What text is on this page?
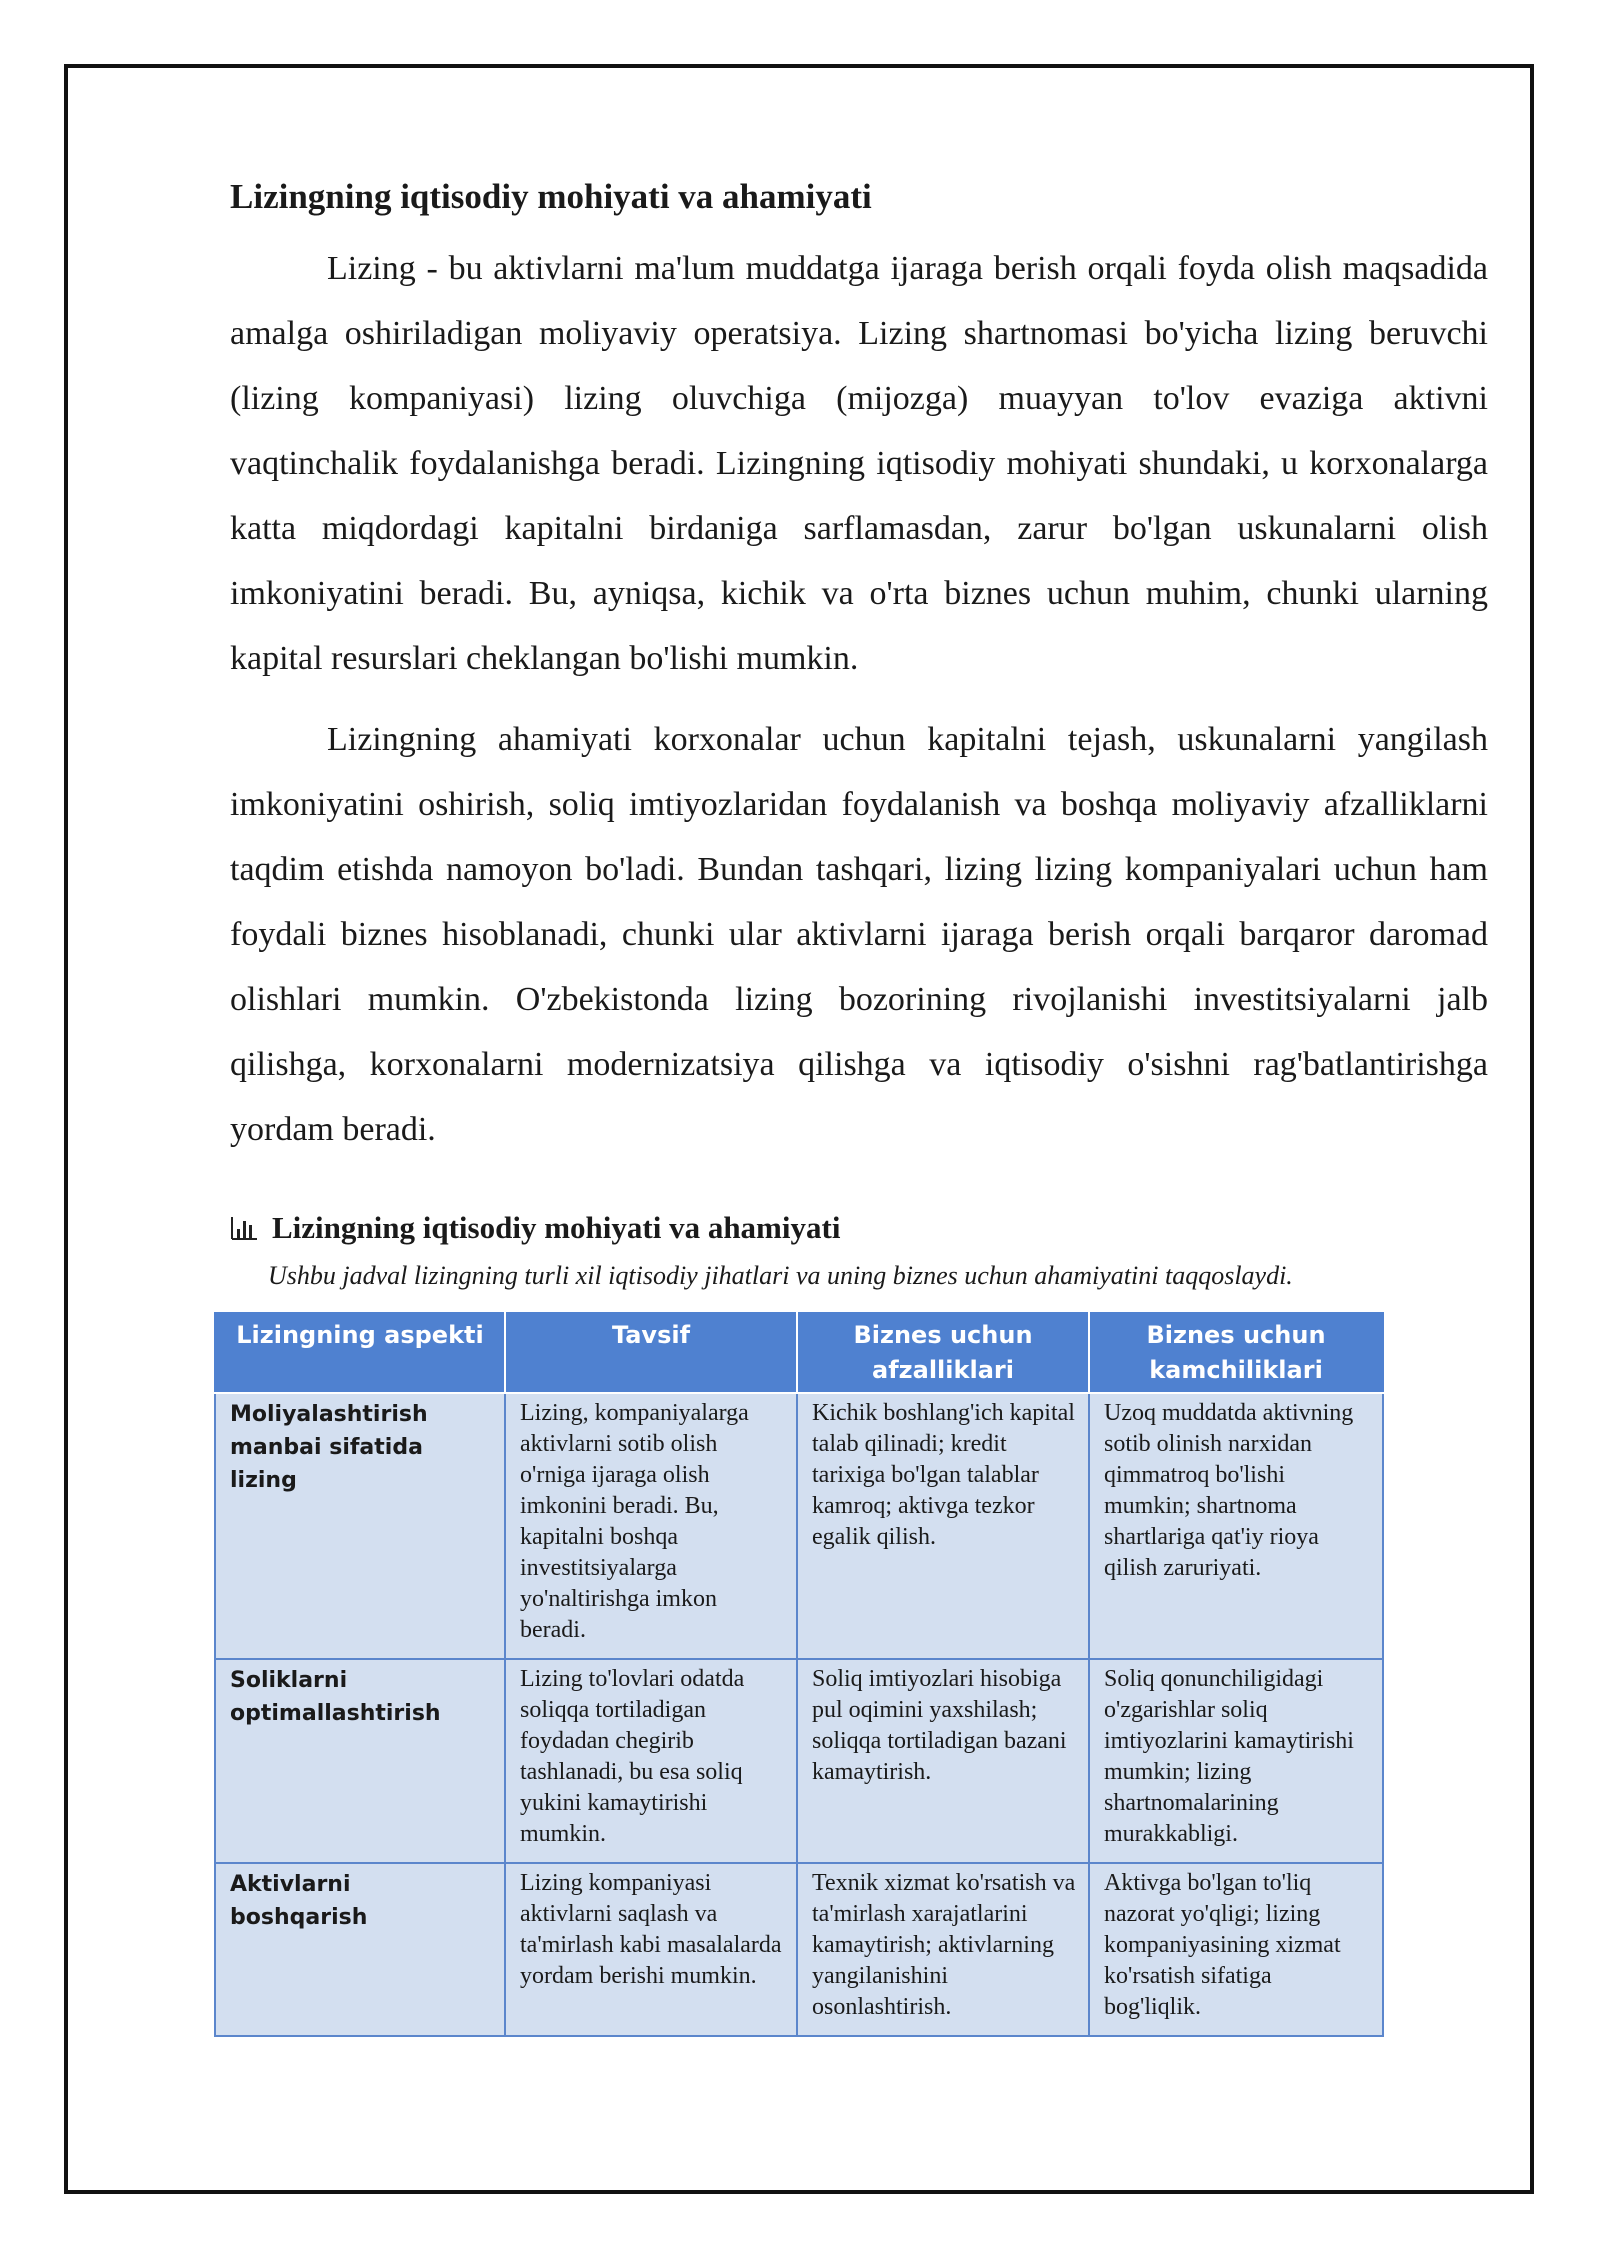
Lizingning iqtisodiy mohiyati va ahamiyati

Lizing - bu aktivlarni ma'lum muddatga ijaraga berish orqali foyda olish maqsadida amalga oshiriladigan moliyaviy operatsiya. Lizing shartnomasi bo'yicha lizing beruvchi (lizing kompaniyasi) lizing oluvchiga (mijozga) muayyan to'lov evaziga aktivni vaqtinchalik foydalanishga beradi. Lizingning iqtisodiy mohiyati shundaki, u korxonalarga katta miqdordagi kapitalni birdaniga sarflamasdan, zarur bo'lgan uskunalarni olish imkoniyatini beradi. Bu, ayniqsa, kichik va o'rta biznes uchun muhim, chunki ularning kapital resurslari cheklangan bo'lishi mumkin.

Lizingning ahamiyati korxonalar uchun kapitalni tejash, uskunalarni yangilash imkoniyatini oshirish, soliq imtiyozlaridan foydalanish va boshqa moliyaviy afzalliklarni taqdim etishda namoyon bo'ladi. Bundan tashqari, lizing lizing kompaniyalari uchun ham foydali biznes hisoblanadi, chunki ular aktivlarni ijaraga berish orqali barqaror daromad olishlari mumkin. O'zbekistonda lizing bozorining rivojlanishi investitsiyalarni jalb qilishga, korxonalarni modernizatsiya qilishga va iqtisodiy o'sishni rag'batlantirishga yordam beradi.

Lizingning iqtisodiy mohiyati va ahamiyati
Ushbu jadval lizingning turli xil iqtisodiy jihatlari va uning biznes uchun ahamiyatini taqqoslaydi.
Lizingning aspekti	Tavsif	Biznes uchun afzalliklari	Biznes uchun kamchiliklari
Moliyalashtirish manbai sifatida lizing	Lizing, kompaniyalarga aktivlarni sotib olish o'rniga ijaraga olish imkonini beradi. Bu, kapitalni boshqa investitsiyalarga yo'naltirishga imkon beradi.	Kichik boshlang'ich kapital talab qilinadi; kredit tarixiga bo'lgan talablar kamroq; aktivga tezkor egalik qilish.	Uzoq muddatda aktivning sotib olinish narxidan qimmatroq bo'lishi mumkin; shartnoma shartlariga qat'iy rioya qilish zaruriyati.
Soliklarni optimallashtirish	Lizing to'lovlari odatda soliqqa tortiladigan foydadan chegirib tashlanadi, bu esa soliq yukini kamaytirishi mumkin.	Soliq imtiyozlari hisobiga pul oqimini yaxshilash; soliqqa tortiladigan bazani kamaytirish.	Soliq qonunchiligidagi o'zgarishlar soliq imtiyozlarini kamaytirishi mumkin; lizing shartnomalarining murakkabligi.
Aktivlarni boshqarish	Lizing kompaniyasi aktivlarni saqlash va ta'mirlash kabi masalalarda yordam berishi mumkin.	Texnik xizmat ko'rsatish va ta'mirlash xarajatlarini kamaytirish; aktivlarning yangilanishini osonlashtirish.	Aktivga bo'lgan to'liq nazorat yo'qligi; lizing kompaniyasining xizmat ko'rsatish sifatiga bog'liqlik.
